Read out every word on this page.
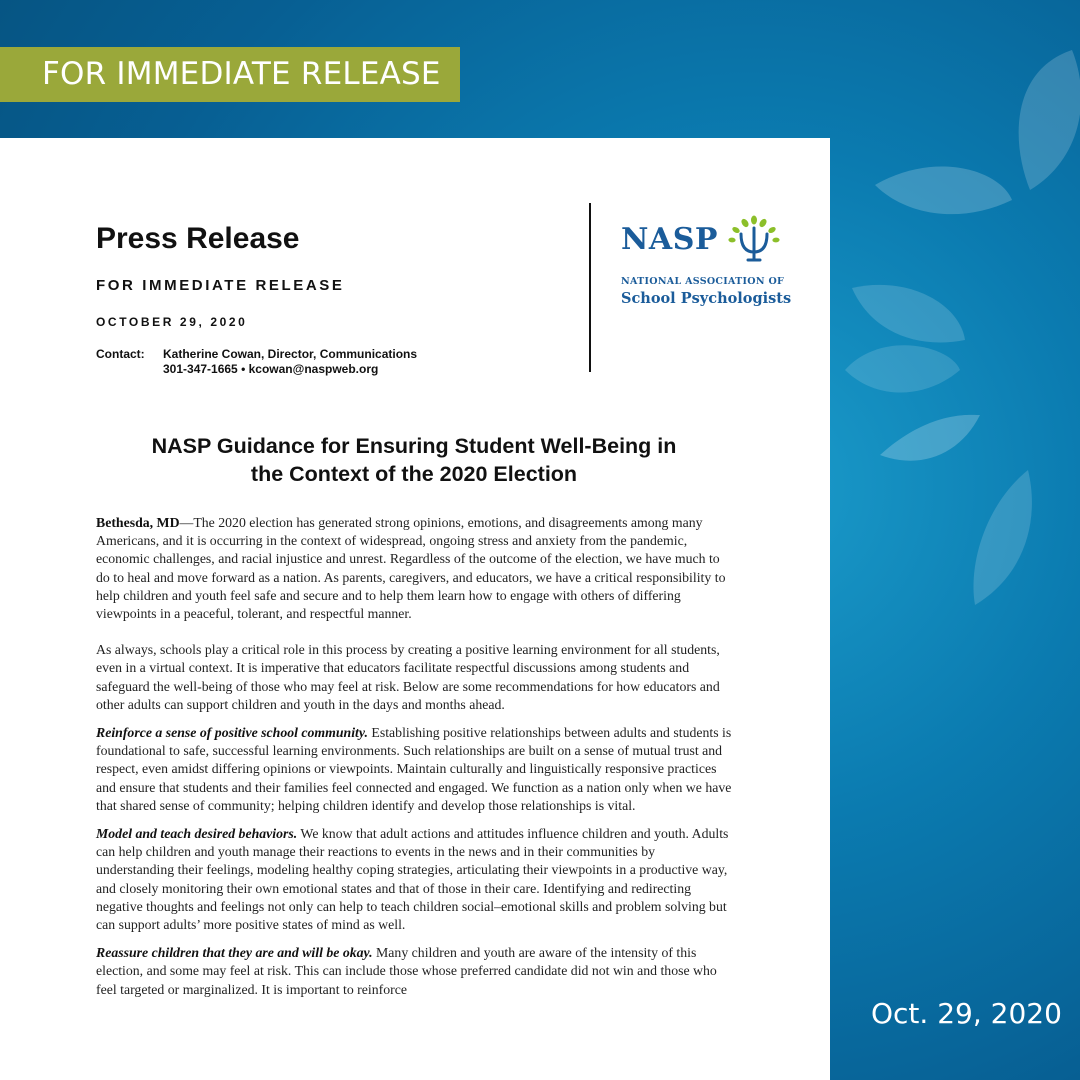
FOR IMMEDIATE RELEASE
Press Release
FOR IMMEDIATE RELEASE
OCTOBER 29, 2020
Contact: Katherine Cowan, Director, Communications
301-347-1665 • kcowan@naspweb.org
NASP
NATIONAL ASSOCIATION OF
School Psychologists
NASP Guidance for Ensuring Student Well-Being in
the Context of the 2020 Election

Bethesda, MD—The 2020 election has generated strong opinions, emotions, and disagreements among many Americans, and it is occurring in the context of widespread, ongoing stress and anxiety from the pandemic, economic challenges, and racial injustice and unrest. Regardless of the outcome of the election, we have much to do to heal and move forward as a nation. As parents, caregivers, and educators, we have a critical responsibility to help children and youth feel safe and secure and to help them learn how to engage with others of differing viewpoints in a peaceful, tolerant, and respectful manner.

As always, schools play a critical role in this process by creating a positive learning environment for all students, even in a virtual context. It is imperative that educators facilitate respectful discussions among students and safeguard the well-being of those who may feel at risk. Below are some recommendations for how educators and other adults can support children and youth in the days and months ahead.

Reinforce a sense of positive school community. Establishing positive relationships between adults and students is foundational to safe, successful learning environments. Such relationships are built on a sense of mutual trust and respect, even amidst differing opinions or viewpoints. Maintain culturally and linguistically responsive practices and ensure that students and their families feel connected and engaged. We function as a nation only when we have that shared sense of community; helping children identify and develop those relationships is vital.

Model and teach desired behaviors. We know that adult actions and attitudes influence children and youth. Adults can help children and youth manage their reactions to events in the news and in their communities by understanding their feelings, modeling healthy coping strategies, articulating their viewpoints in a productive way, and closely monitoring their own emotional states and that of those in their care. Identifying and redirecting negative thoughts and feelings not only can help to teach children social–emotional skills and problem solving but can support adults’ more positive states of mind as well.

Reassure children that they are and will be okay. Many children and youth are aware of the intensity of this election, and some may feel at risk. This can include those whose preferred candidate did not win and those who feel targeted or marginalized. It is important to reinforce

Oct. 29, 2020
